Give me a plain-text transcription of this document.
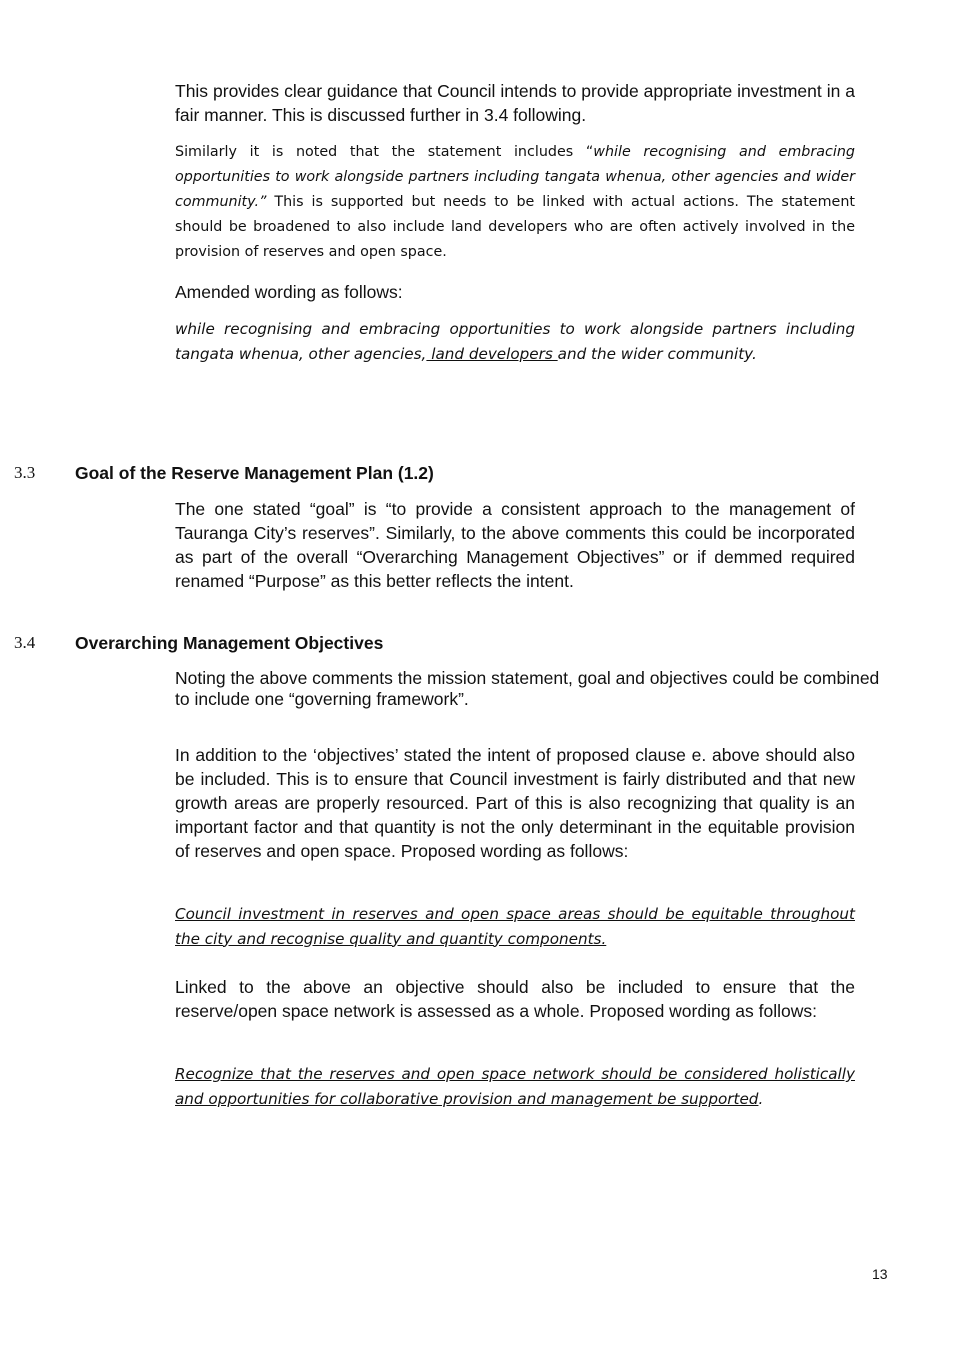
This provides clear guidance that Council intends to provide appropriate investment in a fair manner. This is discussed further in 3.4 following.

Similarly it is noted that the statement includes “while recognising and embracing opportunities to work alongside partners including tangata whenua, other agencies and wider community.” This is supported but needs to be linked with actual actions. The statement should be broadened to also include land developers who are often actively involved in the provision of reserves and open space.

Amended wording as follows:

while recognising and embracing opportunities to work alongside partners including tangata whenua, other agencies, land developers and the wider community.

3.3 Goal of the Reserve Management Plan (1.2)

The one stated “goal” is “to provide a consistent approach to the management of Tauranga City’s reserves”. Similarly, to the above comments this could be incorporated as part of the overall “Overarching Management Objectives” or if demmed required renamed “Purpose” as this better reflects the intent.

3.4 Overarching Management Objectives

Noting the above comments the mission statement, goal and objectives could be combined to include one “governing framework”.

In addition to the ‘objectives’ stated the intent of proposed clause e. above should also be included. This is to ensure that Council investment is fairly distributed and that new growth areas are properly resourced. Part of this is also recognizing that quality is an important factor and that quantity is not the only determinant in the equitable provision of reserves and open space. Proposed wording as follows:

Council investment in reserves and open space areas should be equitable throughout the city and recognise quality and quantity components.

Linked to the above an objective should also be included to ensure that the reserve/open space network is assessed as a whole. Proposed wording as follows:

Recognize that the reserves and open space network should be considered holistically and opportunities for collaborative provision and management be supported.

13
